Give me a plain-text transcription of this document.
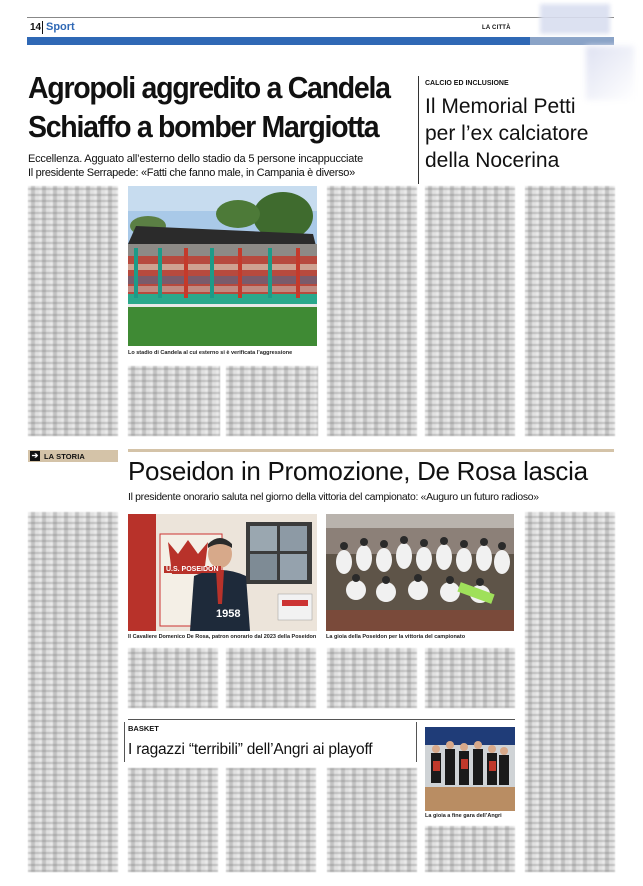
14 Sport	LA CITTÀ
Agropoli aggredito a Candela
Schiaffo a bomber Margiotta
Eccellenza. Agguato all’esterno dello stadio da 5 persone incappucciate
Il presidente Serrapede: «Fatti che fanno male, in Campania è diverso»
CALCIO ED INCLUSIONE
Il Memorial Petti
per l’ex calciatore
della Nocerina
Lo stadio di Candela al cui esterno si è verificata l’aggressione
➔ LA STORIA Poseidon in Promozione, De Rosa lascia
Il presidente onorario saluta nel giorno della vittoria del campionato: «Auguro un futuro radioso»
U.S. POSEIDON
1958
Il Cavaliere Domenico De Rosa, patron onorario dal 2023 della Poseidon La gioia della Poseidon per la vittoria del campionato
BASKET
I ragazzi “terribili” dell’Angri ai playoff
La gioia a fine gara dell’Angri
